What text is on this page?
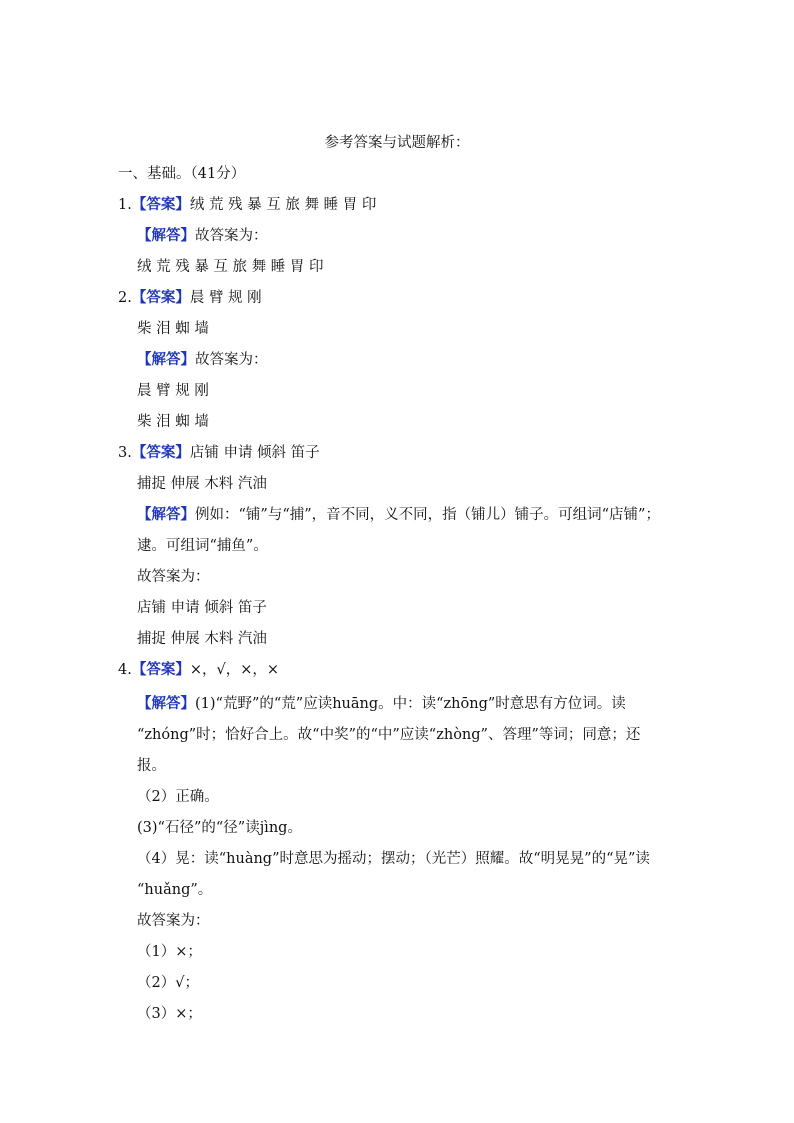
参考答案与试题解析：
一、基础。（41分）
1.【答案】绒 荒 残 暴 互 旅 舞 睡 胃 印
【解答】故答案为：
绒 荒 残 暴 互 旅 舞 睡 胃 印
2.【答案】晨 臂 规 刚
柴 泪 蜘 墙
【解答】故答案为：
晨 臂 规 刚
柴 泪 蜘 墙
3.【答案】店铺 申请 倾斜 笛子
捕捉 伸展 木料 汽油
【解答】例如：“铺”与“捕”，音不同，义不同，指（铺儿）铺子。可组词“店铺”；
逮。可组词“捕鱼”。
故答案为：
店铺 申请 倾斜 笛子
捕捉 伸展 木料 汽油
4.【答案】×，√，×，×
【解答】(1)“荒野”的“荒”应读huāng。中：读“zhōng”时意思有方位词。读
“zhóng”时；恰好合上。故“中奖”的“中”应读“zhòng”、答理”等词；同意；还
报。
（2）正确。
(3)“石径”的“径”读jìng。
（4）晃：读“huàng”时意思为摇动；摆动；（光芒）照耀。故“明晃晃”的“晃”读
“huǎng”。
故答案为：
（1）×；
（2）√；
（3）×；
